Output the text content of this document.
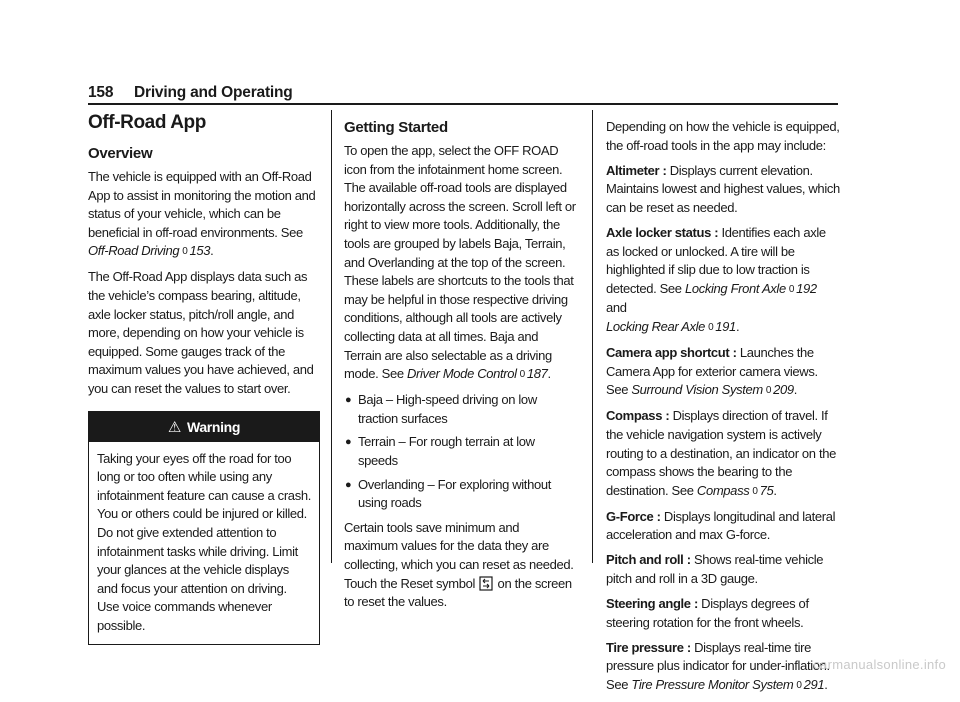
158 Driving and Operating
Off-Road App
Overview

The vehicle is equipped with an Off-Road App to assist in monitoring the motion and status of your vehicle, which can be beneficial in off-road environments. See Off-Road Driving 0 153.

The Off-Road App displays data such as the vehicle’s compass bearing, altitude, axle locker status, pitch/roll angle, and more, depending on how your vehicle is equipped. Some gauges track of the maximum values you have achieved, and you can reset the values to start over.

⚠ Warning
Taking your eyes off the road for too long or too often while using any infotainment feature can cause a crash. You or others could be injured or killed. Do not give extended attention to infotainment tasks while driving. Limit your glances at the vehicle displays and focus your attention on driving. Use voice commands whenever possible.
Getting Started

To open the app, select the OFF ROAD icon from the infotainment home screen. The available off-road tools are displayed horizontally across the screen. Scroll left or right to view more tools. Additionally, the tools are grouped by labels Baja, Terrain, and Overlanding at the top of the screen. These labels are shortcuts to the tools that may be helpful in those respective driving conditions, although all tools are actively collecting data at all times. Baja and Terrain are also selectable as a driving mode. See Driver Mode Control 0 187.

● Baja – High-speed driving on low traction surfaces
● Terrain – For rough terrain at low speeds
● Overlanding – For exploring without using roads

Certain tools save minimum and maximum values for the data they are collecting, which you can reset as needed. Touch the Reset symbol  on the screen to reset the values.

Depending on how the vehicle is equipped, the off-road tools in the app may include:

Altimeter : Displays current elevation. Maintains lowest and highest values, which can be reset as needed.

Axle locker status : Identifies each axle as locked or unlocked. A tire will be highlighted if slip due to low traction is detected. See Locking Front Axle 0 192 and
Locking Rear Axle 0 191.

Camera app shortcut : Launches the Camera App for exterior camera views. See Surround Vision System 0 209.

Compass : Displays direction of travel. If the vehicle navigation system is actively routing to a destination, an indicator on the compass shows the bearing to the destination. See Compass 0 75.

G-Force : Displays longitudinal and lateral acceleration and max G-force.

Pitch and roll : Shows real-time vehicle pitch and roll in a 3D gauge.

Steering angle : Displays degrees of steering rotation for the front wheels.

Tire pressure : Displays real-time tire pressure plus indicator for under-inflation. See Tire Pressure Monitor System 0 291.

carmanualsonline.info
